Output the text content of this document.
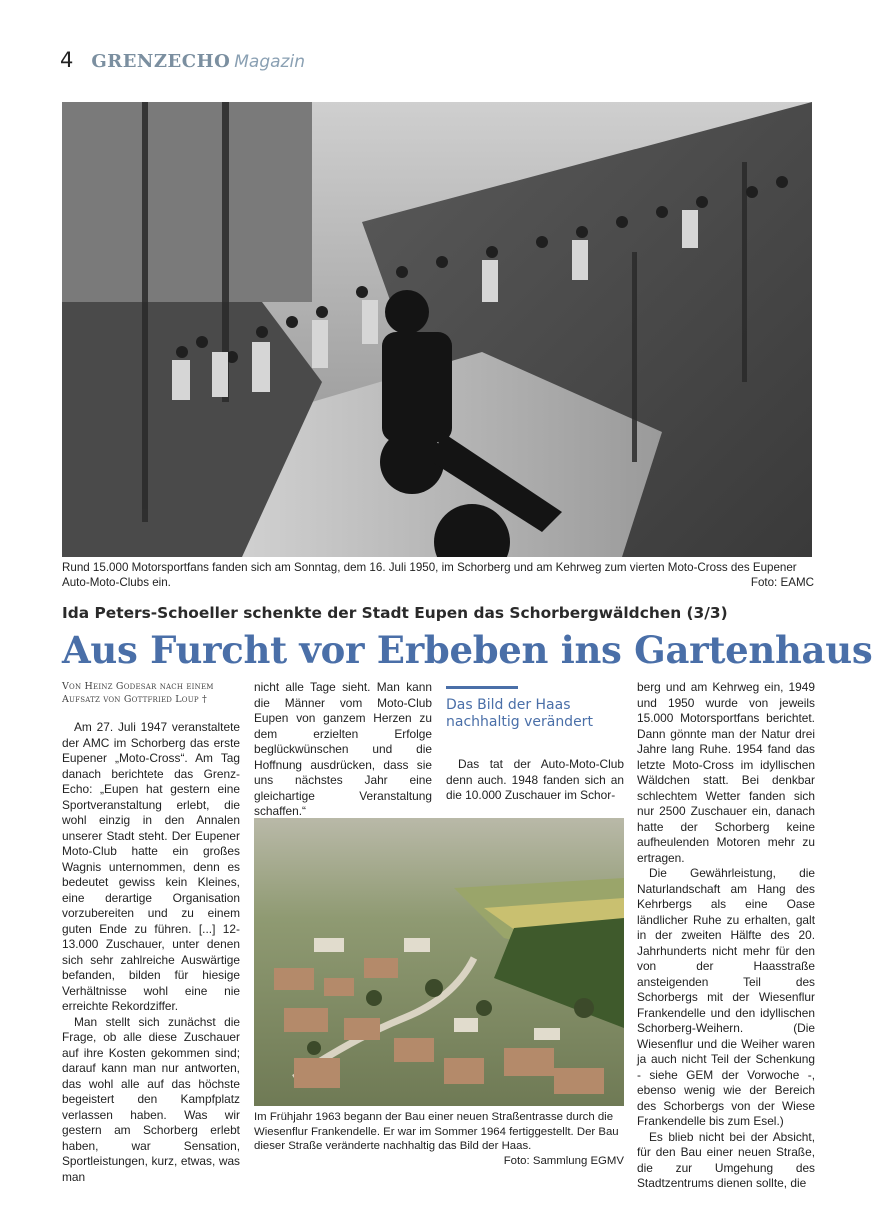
4 GRENZECHO Magazin
Rund 15.000 Motorsportfans fanden sich am Sonntag, dem 16. Juli 1950, im Schorberg und am Kehrweg zum vierten Moto-Cross des Eupener Auto-Moto-Clubs ein.	Foto: EAMC
Ida Peters-Schoeller schenkte der Stadt Eupen das Schorbergwäldchen (3/3)
Aus Furcht vor Erbeben ins Gartenhaus
Von Heinz Godesar nach einem Aufsatz von Gottfried Loup †

Am 27. Juli 1947 veranstaltete der AMC im Schorberg das erste Eupener „Moto-Cross“. Am Tag danach berichtete das Grenz-Echo: „Eupen hat gestern eine Sportveranstaltung erlebt, die wohl einzig in den Annalen unserer Stadt steht. Der Eupener Moto-Club hatte ein großes Wagnis unternommen, denn es bedeutet gewiss kein Kleines, eine derartige Organisation vorzubereiten und zu einem guten Ende zu führen. [...] 12-13.000 Zuschauer, unter denen sich sehr zahlreiche Auswärtige befanden, bilden für hiesige Verhältnisse wohl eine nie erreichte Rekordziffer.

Man stellt sich zunächst die Frage, ob alle diese Zuschauer auf ihre Kosten gekommen sind; darauf kann man nur antworten, das wohl alle auf das höchste begeistert den Kampfplatz verlassen haben. Was wir gestern am Schorberg erlebt haben, war Sensation, Sportleistungen, kurz, etwas, was man

nicht alle Tage sieht. Man kann die Männer vom Moto-Club Eupen von ganzem Herzen zu dem erzielten Erfolge beglückwünschen und die Hoffnung ausdrücken, dass sie uns nächstes Jahr eine gleichartige Veranstaltung schaffen.“

Das Bild der Haas nachhaltig verändert

Das tat der Auto-Moto-Club denn auch. 1948 fanden sich an die 10.000 Zuschauer im Schor-

berg und am Kehrweg ein, 1949 und 1950 wurde von jeweils 15.000 Motorsportfans berichtet. Dann gönnte man der Natur drei Jahre lang Ruhe. 1954 fand das letzte Moto-Cross im idyllischen Wäldchen statt. Bei denkbar schlechtem Wetter fanden sich nur 2500 Zuschauer ein, danach hatte der Schorberg keine aufheulenden Motoren mehr zu ertragen.

Die Gewährleistung, die Naturlandschaft am Hang des Kehrbergs als eine Oase ländlicher Ruhe zu erhalten, galt in der zweiten Hälfte des 20. Jahrhunderts nicht mehr für den von der Haasstraße ansteigenden Teil des Schorbergs mit der Wiesenflur Frankendelle und den idyllischen Schorberg-Weihern. (Die Wiesenflur und die Weiher waren ja auch nicht Teil der Schenkung - siehe GEM der Vorwoche -, ebenso wenig wie der Bereich des Schorbergs von der Wiese Frankendelle bis zum Esel.)

Es blieb nicht bei der Absicht, für den Bau einer neuen Straße, die zur Umgehung des Stadtzentrums dienen sollte, die

Im Frühjahr 1963 begann der Bau einer neuen Straßentrasse durch die Wiesenflur Frankendelle. Er war im Sommer 1964 fertiggestellt. Der Bau dieser Straße veränderte nachhaltig das Bild der Haas.
Foto: Sammlung EGMV
